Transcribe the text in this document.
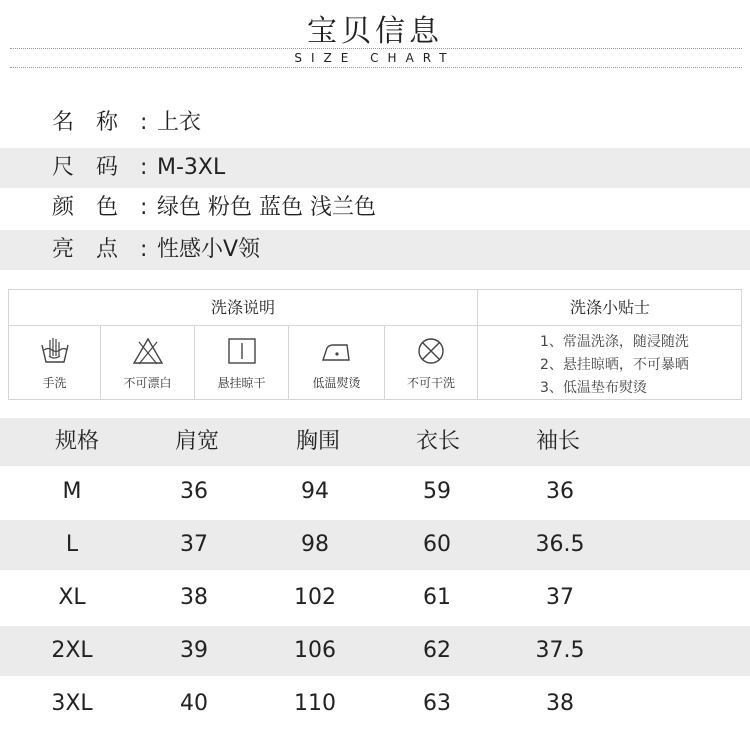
宝贝信息
SIZE CHART
名称:
上衣
尺码:
M-3XL
颜色:
绿色 粉色 蓝色 浅兰色
亮点:
性感小V领
洗涤说明	洗涤小贴士
手洗	不可漂白	悬挂晾干	低温熨烫	不可干洗
1、常温洗涤，随浸随洗
2、悬挂晾晒，不可暴晒
3、低温垫布熨烫
规格	肩宽	胸围	衣长	袖长
M	36	94	59	36
L	37	98	60	36.5
XL	38	102	61	37
2XL	39	106	62	37.5
3XL	40	110	63	38
